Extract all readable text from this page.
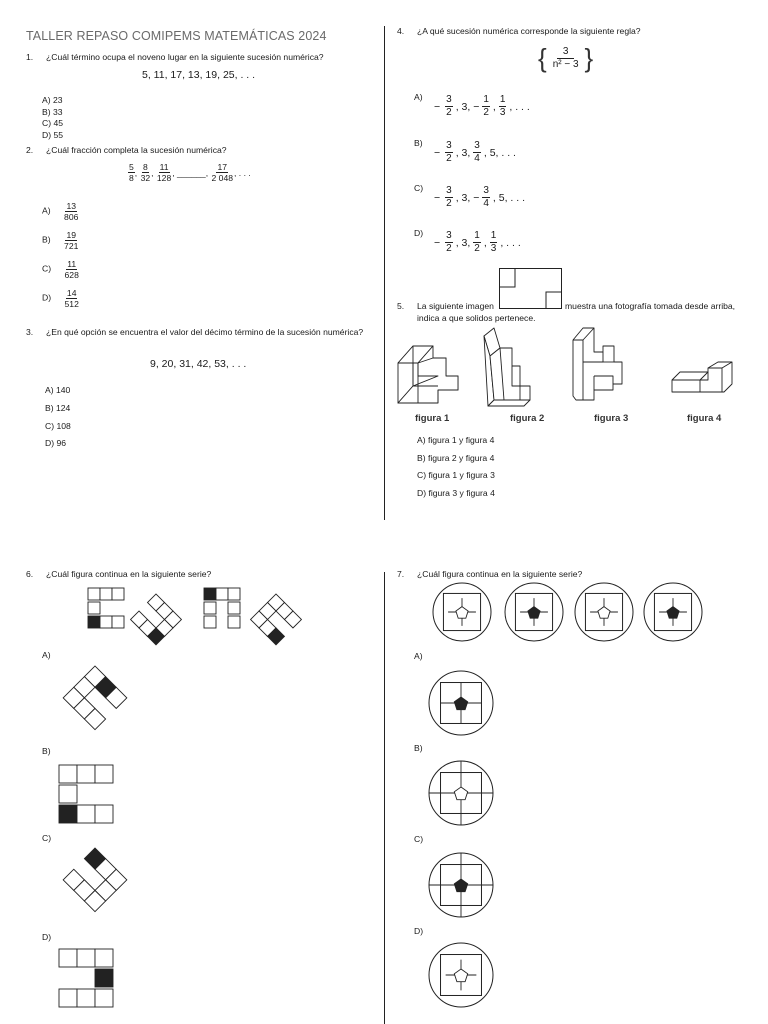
TALLER REPASO COMIPEMS MATEMÁTICAS 2024
1. ¿Cuál término ocupa el noveno lugar en la siguiente sucesión numérica?
5, 11, 17, 13, 19, 25, . . .
A) 23
B) 33
C) 45
D) 55
2. ¿Cuál fracción completa la sucesión numérica?
$\frac{5}{8}$ , $\frac{8}{32}$ , $\frac{11}{128}$ , ______ , $\frac{17}{2 048}$ , . . .
$A) \frac{13}{806}$
$B) \frac{19}{721}$
$C) \frac{11}{628}$
$D) \frac{14}{512}$
3.	¿En qué opción se encuentra el valor del décimo término de la sucesión numérica?
9, 20, 31, 42, 53, . . .
A) 140
B) 124
C) 108
D) 96
4. ¿A qué sucesión numérica corresponde la siguiente regla?
{	3
n² − 3 }
A)
− $\frac{3}{2}$ , 3, − $\frac{1}{2}$ ,
1
3 , . . .
B)
− $\frac{3}{2}$ , 3,
3
4 , 5, . . .
C)
− $\frac{3}{2}$ , 3, − $\frac{3}{4}$ , 5, . . .
D)
− $\frac{3}{2}$ , 3,
1
2 ,
1
3 , . . .
5. La siguiente imagen	muestra una fotografía tomada desde arriba,
indica a que solidos pertenece.
figura 1	figura 2	figura 3	figura 4
A) figura 1 y figura 4
B) figura 2 y figura 4
C) figura 1 y figura 3
D) figura 3 y figura 4
6. ¿Cuál figura continua en la siguiente serie?
A)
B)
C)
D)
7. ¿Cuál figura continua en la siguiente serie?
A)
B)
C)
D)
